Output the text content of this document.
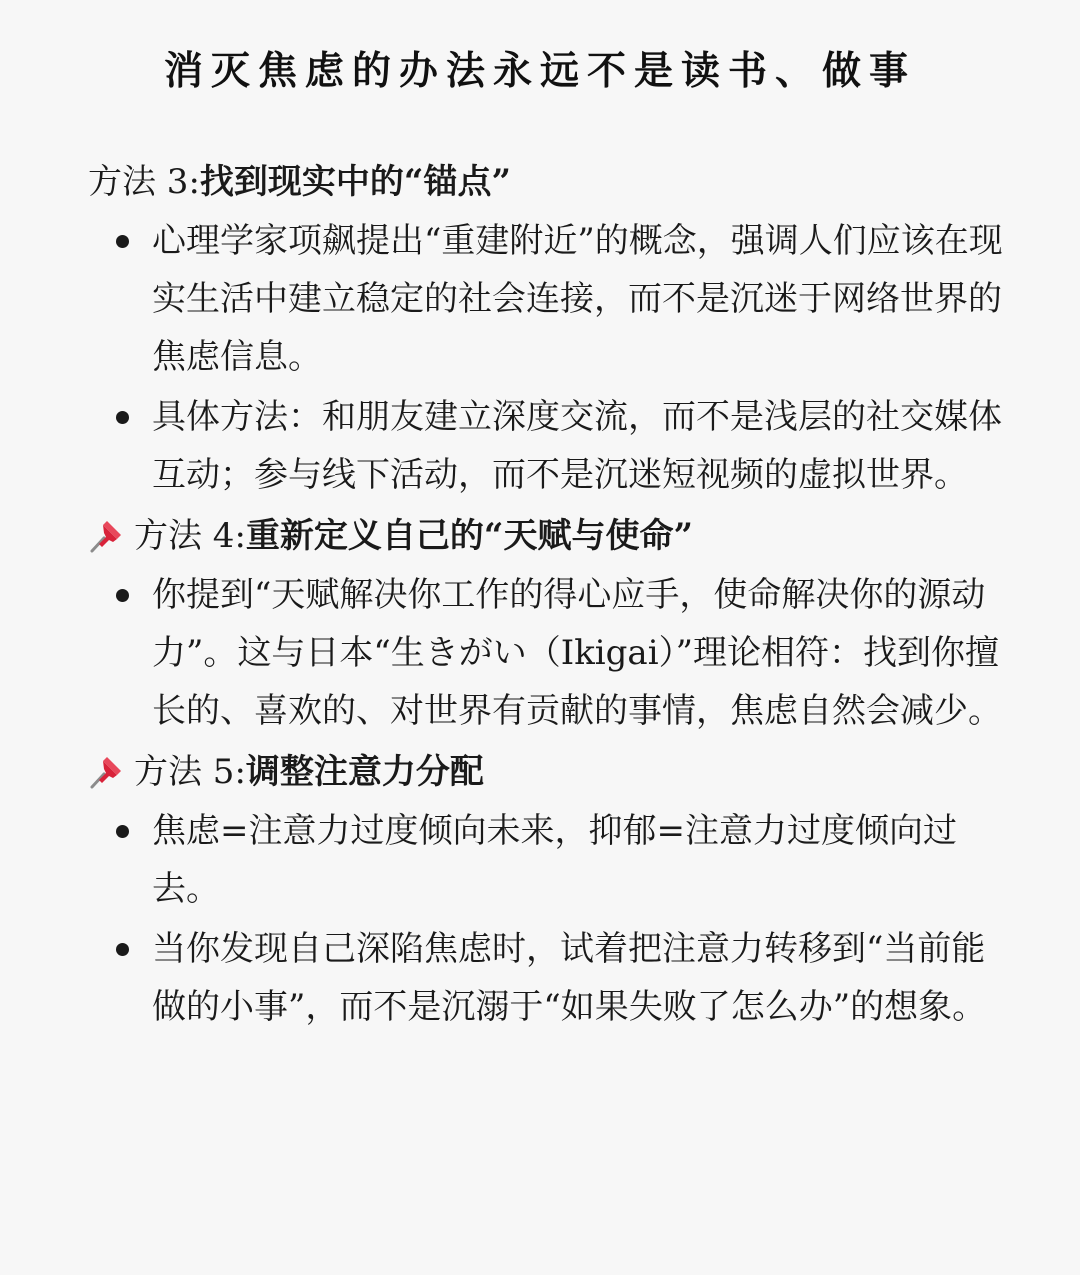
消灭焦虑的办法永远不是读书、做事
方法 3: 找到现实中的“锚点”
心理学家项飙提出“重建附近”的概念，强调人们应该在现实生活中建立稳定的社会连接，而不是沉迷于网络世界的焦虑信息。
具体方法：和朋友建立深度交流，而不是浅层的社交媒体互动；参与线下活动，而不是沉迷短视频的虚拟世界。
方法 4: 重新定义自己的“天赋与使命”
你提到“天赋解决你工作的得心应手，使命解决你的源动力”。这与日本“生きがい（Ikigai）”理论相符：找到你擅长的、喜欢的、对世界有贡献的事情，焦虑自然会减少。
方法 5: 调整注意力分配
焦虑=注意力过度倾向未来，抑郁=注意力过度倾向过去。
当你发现自己深陷焦虑时，试着把注意力转移到“当前能做的小事”，而不是沉溺于“如果失败了怎么办”的想象。
